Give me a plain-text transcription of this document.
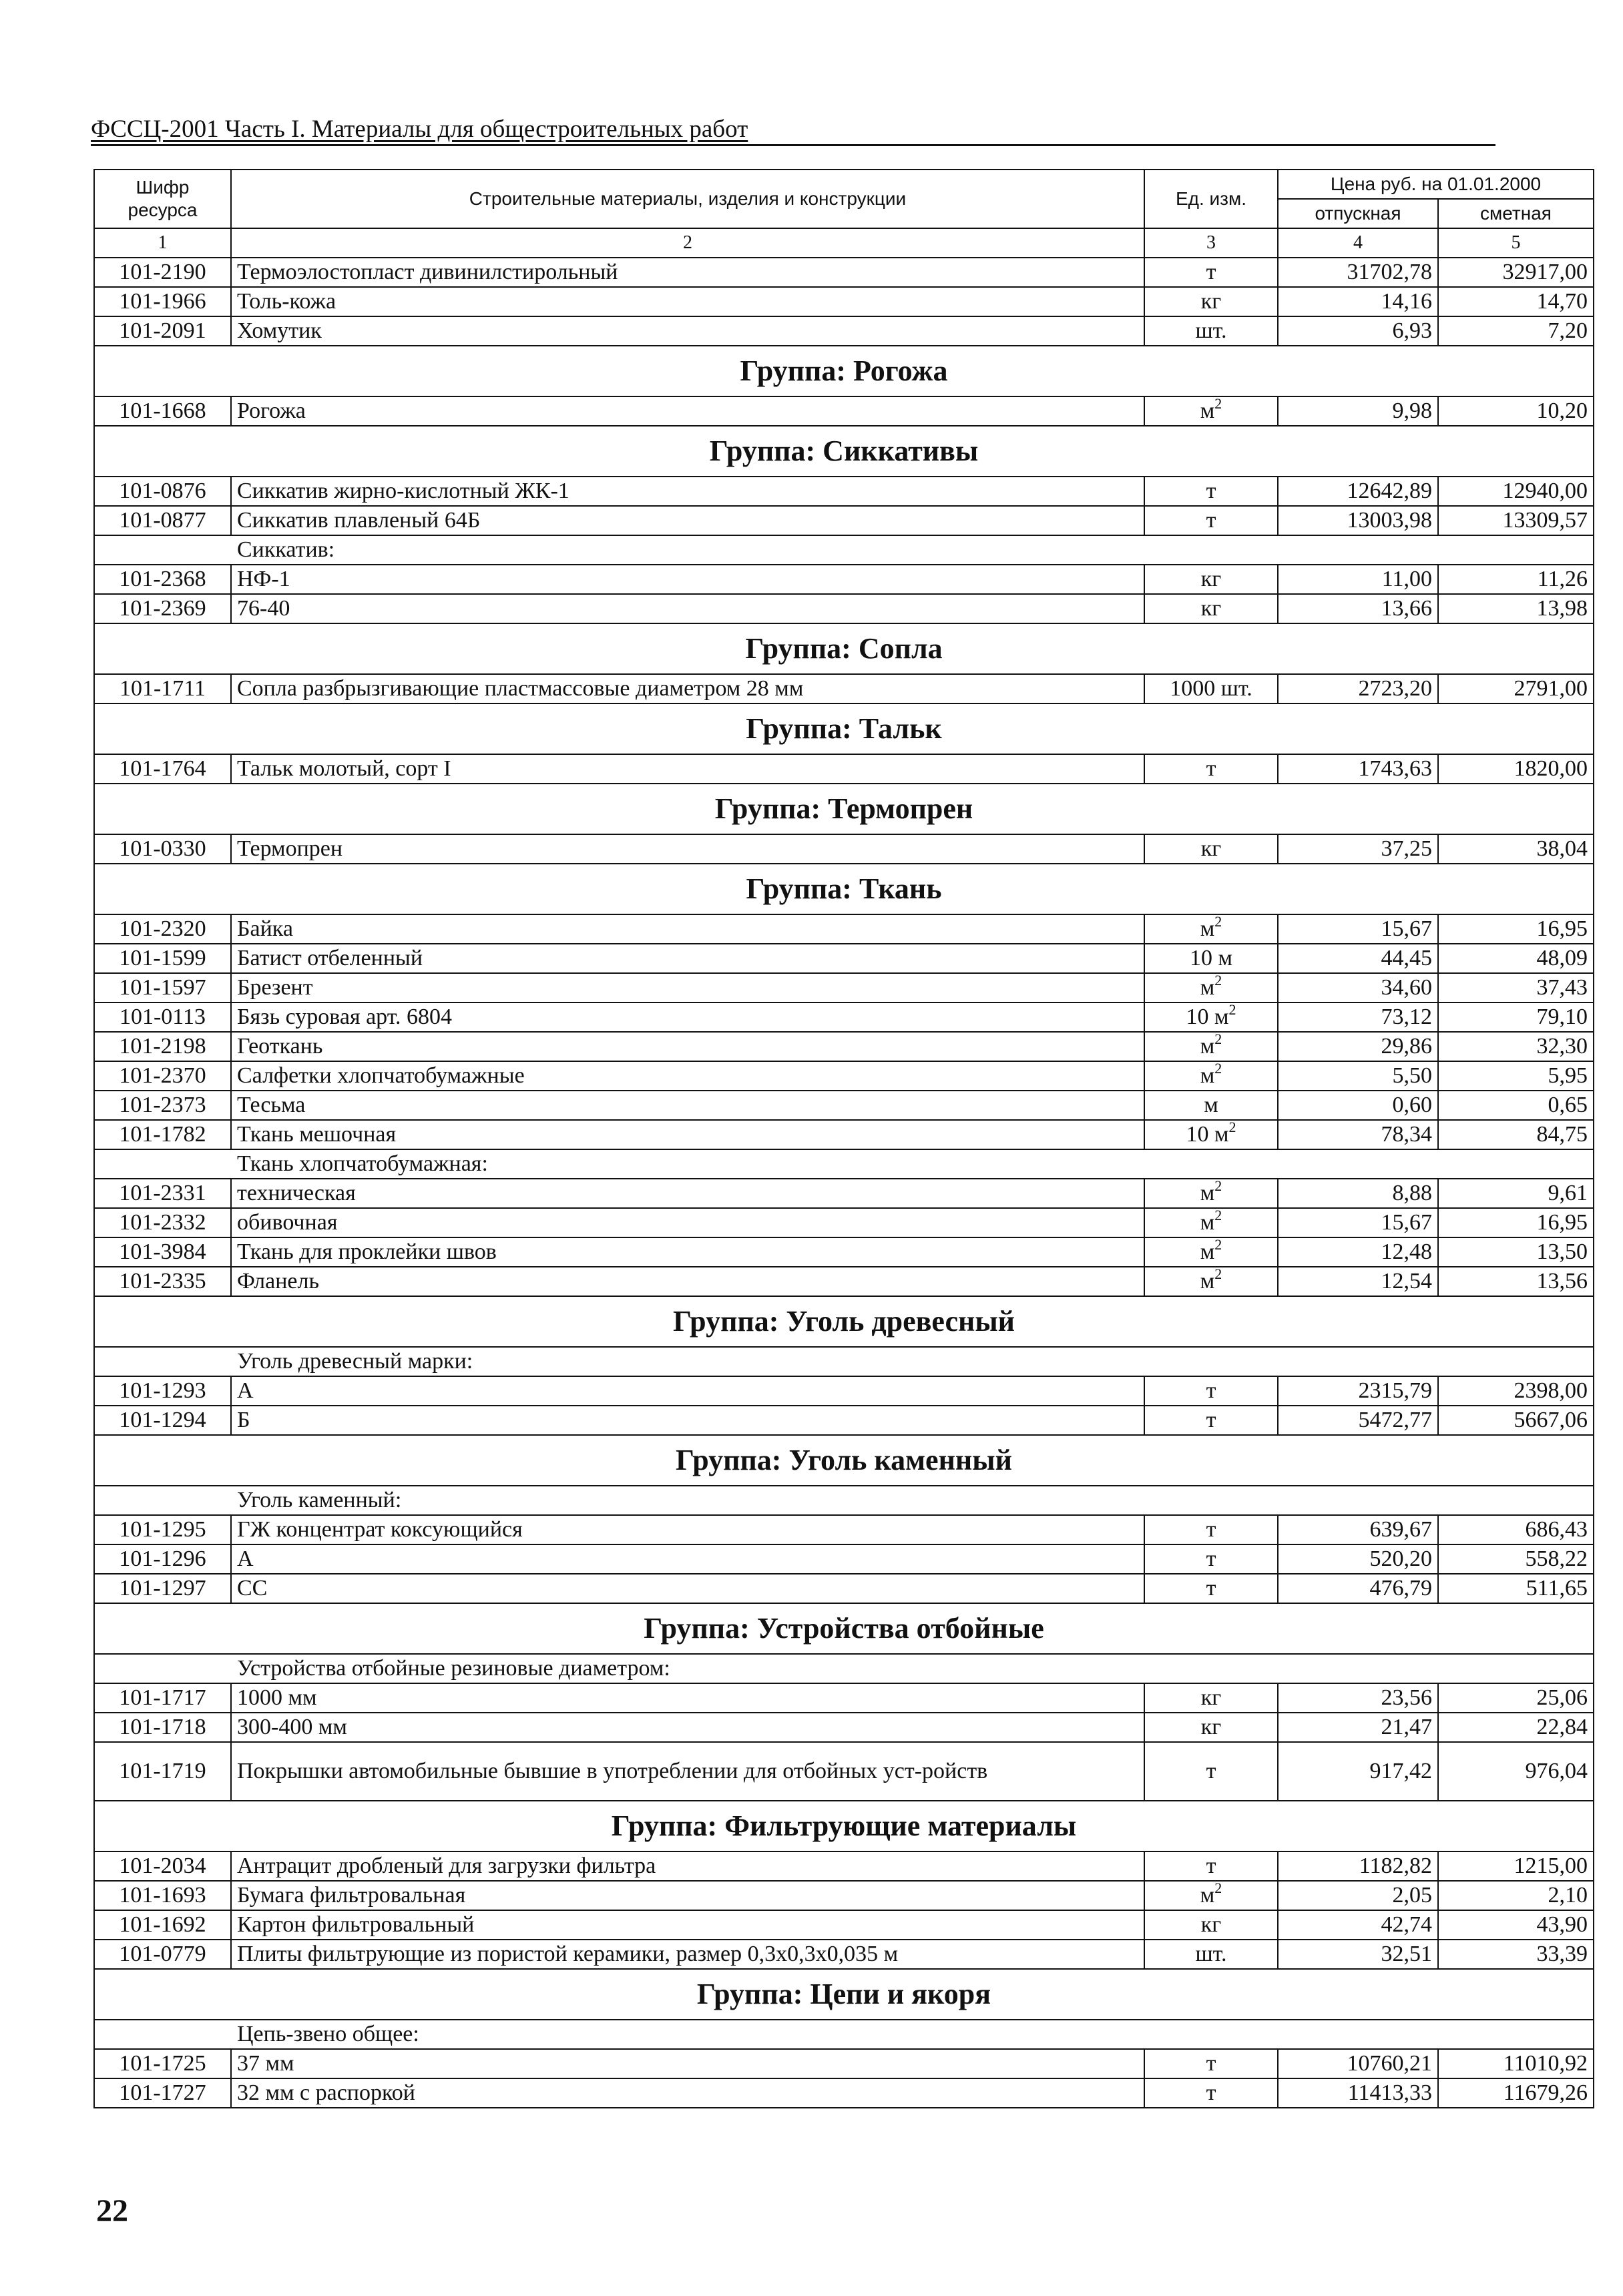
ФССЦ-2001 Часть I. Материалы для общестроительных работ
Шифр ресурса	Строительные материалы, изделия и конструкции	Ед. изм.	Цена руб. на 01.01.2000	
			отпускная	сметная
1	2	3	4	5
101-2190	Термоэлостопласт дивинилстирольный	т	31702,78	32917,00
101-1966	Толь-кожа	кг	14,16	14,70
101-2091	Хомутик	шт.	6,93	7,20
Группа: Рогожа				
101-1668	Рогожа	$м^2$	9,98	10,20
Группа: Сиккативы				
101-0876	Сиккатив жирно-кислотный ЖК-1	т	12642,89	12940,00
101-0877	Сиккатив плавленый 64Б	т	13003,98	13309,57
Сиккатив:				
101-2368	НФ-1	кг	11,00	11,26
101-2369	76-40	кг	13,66	13,98
Группа: Сопла				
101-1711	Сопла разбрызгивающие пластмассовые диаметром 28 мм	1000 шт.	2723,20	2791,00
Группа: Тальк				
101-1764	Тальк молотый, сорт I	т	1743,63	1820,00
Группа: Термопрен				
101-0330	Термопрен	кг	37,25	38,04
Группа: Ткань				
101-2320	Байка	$м^2$	15,67	16,95
101-1599	Батист отбеленный	10 м	44,45	48,09
101-1597	Брезент	$м^2$	34,60	37,43
101-0113	Бязь суровая арт. 6804	10 $м^2$	73,12	79,10
101-2198	Геоткань	$м^2$	29,86	32,30
101-2370	Салфетки хлопчатобумажные	$м^2$	5,50	5,95
101-2373	Тесьма	м	0,60	0,65
101-1782	Ткань мешочная	10 $м^2$	78,34	84,75
Ткань хлопчатобумажная:				
101-2331	техническая	$м^2$	8,88	9,61
101-2332	обивочная	$м^2$	15,67	16,95
101-3984	Ткань для проклейки швов	$м^2$	12,48	13,50
101-2335	Фланель	$м^2$	12,54	13,56
Группа: Уголь древесный				
Уголь древесный марки:				
101-1293	А	т	2315,79	2398,00
101-1294	Б	т	5472,77	5667,06
Группа: Уголь каменный				
Уголь каменный:				
101-1295	ГЖ концентрат коксующийся	т	639,67	686,43
101-1296	А	т	520,20	558,22
101-1297	СС	т	476,79	511,65
Группа: Устройства отбойные				
Устройства отбойные резиновые диаметром:				
101-1717	1000 мм	кг	23,56	25,06
101-1718	300-400 мм	кг	21,47	22,84
101-1719	Покрышки автомобильные бывшие в употреблении для отбойных уст-ройств	т	917,42	976,04
Группа: Фильтрующие материалы				
101-2034	Антрацит дробленый для загрузки фильтра	т	1182,82	1215,00
101-1693	Бумага фильтровальная	$м^2$	2,05	2,10
101-1692	Картон фильтровальный	кг	42,74	43,90
101-0779	Плиты фильтрующие из пористой керамики, размер 0,3х0,3х0,035 м	шт.	32,51	33,39
Группа: Цепи и якоря				
Цепь-звено общее:				
101-1725	37 мм	т	10760,21	11010,92
101-1727	32 мм с распоркой	т	11413,33	11679,26
22
